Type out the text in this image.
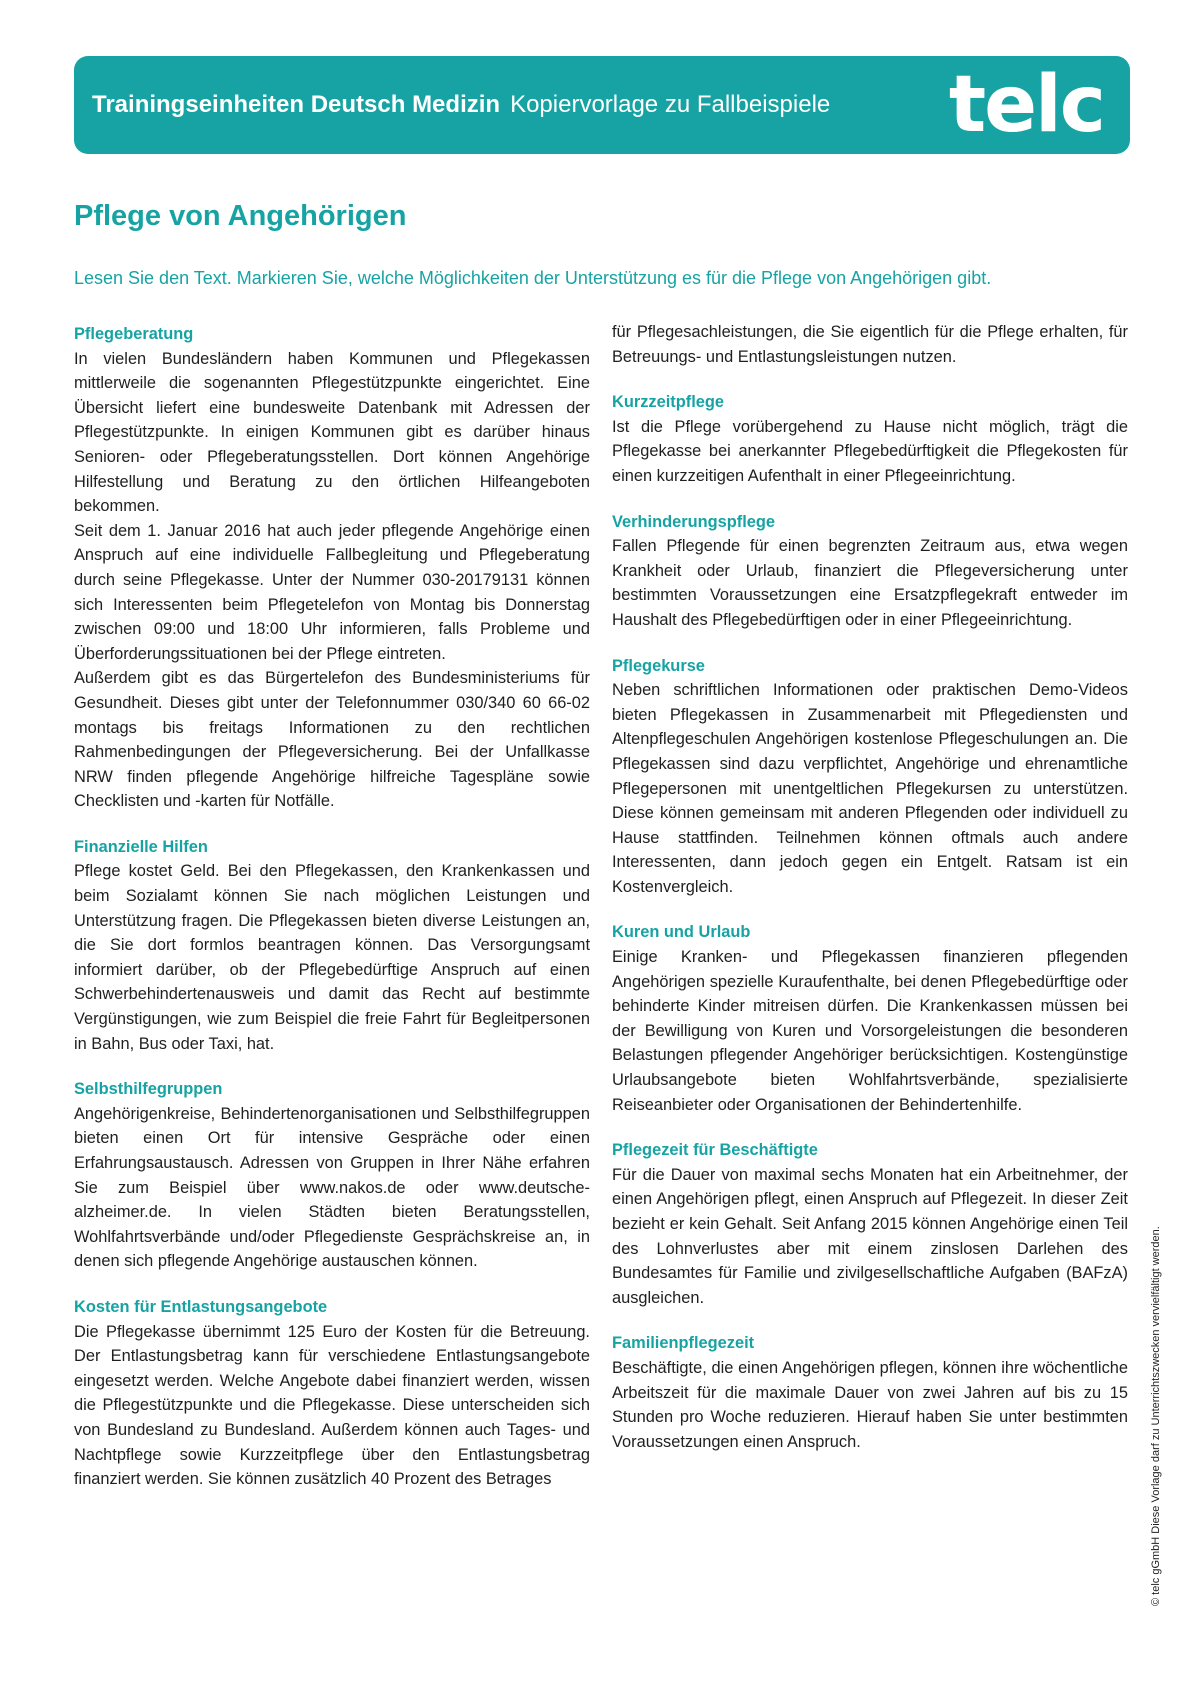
Trainingseinheiten Deutsch Medizin Kopiervorlage zu Fallbeispiele telc
Pflege von Angehörigen

Lesen Sie den Text. Markieren Sie, welche Möglichkeiten der Unterstützung es für die Pflege von Angehörigen gibt.

Pflegeberatung

In vielen Bundesländern haben Kommunen und Pflegekassen mittlerweile die sogenannten Pflegestützpunkte eingerichtet. Eine Übersicht liefert eine bundesweite Datenbank mit Adressen der Pflegestützpunkte. In einigen Kommunen gibt es darüber hinaus Senioren- oder Pflegeberatungsstellen. Dort können Angehörige Hilfestellung und Beratung zu den örtlichen Hilfeangeboten bekommen.

Seit dem 1. Januar 2016 hat auch jeder pflegende Angehörige einen Anspruch auf eine individuelle Fallbegleitung und Pflegeberatung durch seine Pflegekasse. Unter der Nummer 030-20179131 können sich Interessenten beim Pflegetelefon von Montag bis Donnerstag zwischen 09:00 und 18:00 Uhr informieren, falls Probleme und Überforderungssituationen bei der Pflege eintreten.

Außerdem gibt es das Bürgertelefon des Bundesministeriums für Gesundheit. Dieses gibt unter der Telefonnummer 030/340 60 66-02 montags bis freitags Informationen zu den rechtlichen Rahmenbedingungen der Pflegeversicherung. Bei der Unfallkasse NRW finden pflegende Angehörige hilfreiche Tagespläne sowie Checklisten und -karten für Notfälle.

Finanzielle Hilfen

Pflege kostet Geld. Bei den Pflegekassen, den Krankenkassen und beim Sozialamt können Sie nach möglichen Leistungen und Unterstützung fragen. Die Pflegekassen bieten diverse Leistungen an, die Sie dort formlos beantragen können. Das Versorgungsamt informiert darüber, ob der Pflegebedürftige Anspruch auf einen Schwerbehindertenausweis und damit das Recht auf bestimmte Vergünstigungen, wie zum Beispiel die freie Fahrt für Begleitpersonen in Bahn, Bus oder Taxi, hat.

Selbsthilfegruppen

Angehörigenkreise, Behindertenorganisationen und Selbsthilfegruppen bieten einen Ort für intensive Gespräche oder einen Erfahrungsaustausch. Adressen von Gruppen in Ihrer Nähe erfahren Sie zum Beispiel über www.nakos.de oder www.deutsche-alzheimer.de. In vielen Städten bieten Beratungsstellen, Wohlfahrtsverbände und/oder Pflegedienste Gesprächskreise an, in denen sich pflegende Angehörige austauschen können.

Kosten für Entlastungsangebote

Die Pflegekasse übernimmt 125 Euro der Kosten für die Betreuung. Der Entlastungsbetrag kann für verschiedene Entlastungsangebote eingesetzt werden. Welche Angebote dabei finanziert werden, wissen die Pflegestützpunkte und die Pflegekasse. Diese unterscheiden sich von Bundesland zu Bundesland. Außerdem können auch Tages- und Nachtpflege sowie Kurzzeitpflege über den Entlastungsbetrag finanziert werden. Sie können zusätzlich 40 Prozent des Betrages

für Pflegesachleistungen, die Sie eigentlich für die Pflege erhalten, für Betreuungs- und Entlastungsleistungen nutzen.

Kurzzeitpflege

Ist die Pflege vorübergehend zu Hause nicht möglich, trägt die Pflegekasse bei anerkannter Pflegebedürftigkeit die Pflegekosten für einen kurzzeitigen Aufenthalt in einer Pflegeeinrichtung.

Verhinderungspflege

Fallen Pflegende für einen begrenzten Zeitraum aus, etwa wegen Krankheit oder Urlaub, finanziert die Pflegeversicherung unter bestimmten Voraussetzungen eine Ersatzpflegekraft entweder im Haushalt des Pflegebedürftigen oder in einer Pflegeeinrichtung.

Pflegekurse

Neben schriftlichen Informationen oder praktischen Demo-Videos bieten Pflegekassen in Zusammenarbeit mit Pflegediensten und Altenpflegeschulen Angehörigen kostenlose Pflegeschulungen an. Die Pflegekassen sind dazu verpflichtet, Angehörige und ehrenamtliche Pflegepersonen mit unentgeltlichen Pflegekursen zu unterstützen. Diese können gemeinsam mit anderen Pflegenden oder individuell zu Hause stattfinden. Teilnehmen können oftmals auch andere Interessenten, dann jedoch gegen ein Entgelt. Ratsam ist ein Kostenvergleich.

Kuren und Urlaub

Einige Kranken- und Pflegekassen finanzieren pflegenden Angehörigen spezielle Kuraufenthalte, bei denen Pflegebedürftige oder behinderte Kinder mitreisen dürfen. Die Krankenkassen müssen bei der Bewilligung von Kuren und Vorsorgeleistungen die besonderen Belastungen pflegender Angehöriger berücksichtigen. Kostengünstige Urlaubsangebote bieten Wohlfahrtsverbände, spezialisierte Reiseanbieter oder Organisationen der Behindertenhilfe.

Pflegezeit für Beschäftigte

Für die Dauer von maximal sechs Monaten hat ein Arbeitnehmer, der einen Angehörigen pflegt, einen Anspruch auf Pflegezeit. In dieser Zeit bezieht er kein Gehalt. Seit Anfang 2015 können Angehörige einen Teil des Lohnverlustes aber mit einem zinslosen Darlehen des Bundesamtes für Familie und zivilgesellschaftliche Aufgaben (BAFzA) ausgleichen.

Familienpflegezeit

Beschäftigte, die einen Angehörigen pflegen, können ihre wöchentliche Arbeitszeit für die maximale Dauer von zwei Jahren auf bis zu 15 Stunden pro Woche reduzieren. Hierauf haben Sie unter bestimmten Voraussetzungen einen Anspruch.	© telc gGmbH Diese Vorlage darf zu Unterrichtszwecken vervielfältigt werden.
